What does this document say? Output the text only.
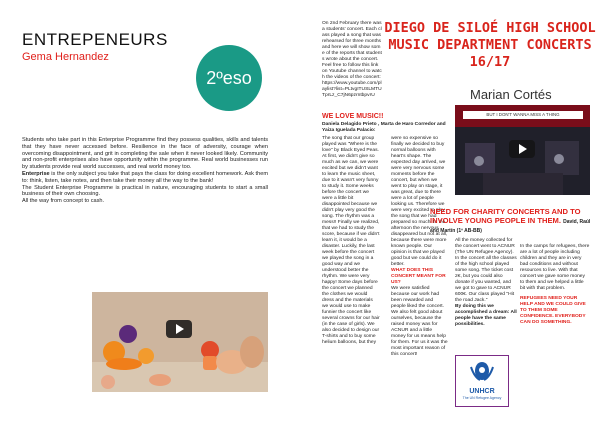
ENTREPENEURS
Gema Hernandez
2ºeso

Students who take part in this Enterprise Programme find they possess qualities, skills and talents that they have never accessed before. Resilience in the face of adversity, courage when overcoming disappointment, and grit in completing the sale when it never looked likely. Community and non-profit enterprises also have opportunity within the programme. Real world businesses run by students provide real world successes, and real world money too.

Enterprise is the only subject you take that pays the class for doing excellent homework. Ask them to: think, listen, take notes, and then take their money all the way to the bank!

The Student Enterprise Programme is practical in nature, encouraging students to start a small business of their own choosing.

All the way from concept to cash.

On 2nd February there was a students' concert. Each class played a song that was rehearsed for three months and here we will show some of the reports that students wrote about the concert. Feel free to follow this link on Youtube channel to watch the videos of the concert:https://www.youtube.com/playlist?list=PLtvgITUSLMTUTprLz_C7jN6pzrntbpvrU

WE LOVE MUSIC!!
Daniela Delagido Prieto , Marta de Haro Corredor and Yaiza Iguelada Palacio:

The song that our group played was "Where is the love" by Black Eyed Peas. At first, we didn't give so much as we can, we were excited but we didn't want to learn the music sheet, due to it wasn't very funny to study it. Some weeks before the concert we were a little bit disappointed because we didn't play very good the song. The rhythm was a mess!! Finally we realized, that we had to study the score, because if we didn't learn it, it would be a disaster. Luckily, the last week before the concert we played the song in a good way and we understood better the rhythm. We were very happy! Some days before the concert we planned the clothes we would dress and the materials we would use to make funnier the concert like several crowns for our hair (in the case of girls). We also decided to design our T-shirts and to buy some helium balloons, but they

were so expensive so finally we decided to buy normal balloons with heart's shape. The expected day arrived, we were very nervous some moments before the concert, but when we went to play on stage, it was great, due to there were a lot of people looking us. Therefore we were very excited to play the song that we had prepared so much. In the afternoon the nervous disappeared but not at all, because there were more known people. Our opinion is that we played good but we could do it better.

WHAT DOES THIS CONCERT MEANT FOR US?

We were satisfied because our work had been rewarded and people liked the concert. We also felt good about ourselves, because the raised money was for ACNUR and a little money for us means help for them. For us it was the most important reason of this concert!

DIEGO DE SILOÉ HIGH SCHOOL MUSIC DEPARTMENT CONCERTS 16/17
Marian Cortés
BUT I DON'T WANNA MISS A THING
NEED FOR CHARITY CONCERTS AND TO INVOLVE YOUNG PEOPLE IN THEM. David, Raúl and Martín (1º AB-BB)

All the money collected for the concert went to ACNUR (The UN Refugee Agency). In the concert all the classes of the high school played some song. The ticket cost 2€, but you could also donate if you wanted, and we got to gave to ACNUR 600€. Our class played "Hit the road Jack."

By doing this we accomplished a dream: All people have the same possibilities.

In the camps for refugees, there are a lot of people including children and they are in very bad conditions and without resources to live. With that concert we gave some money to them and we helped a little bit with that problem.

REFUGEES NEED YOUR HELP AND WE COULD GIVE TO THEM SOME CONFIDENCE. EVERYBODY CAN DO SOMETHING.

UNHCR
The UN Refugee Agency
